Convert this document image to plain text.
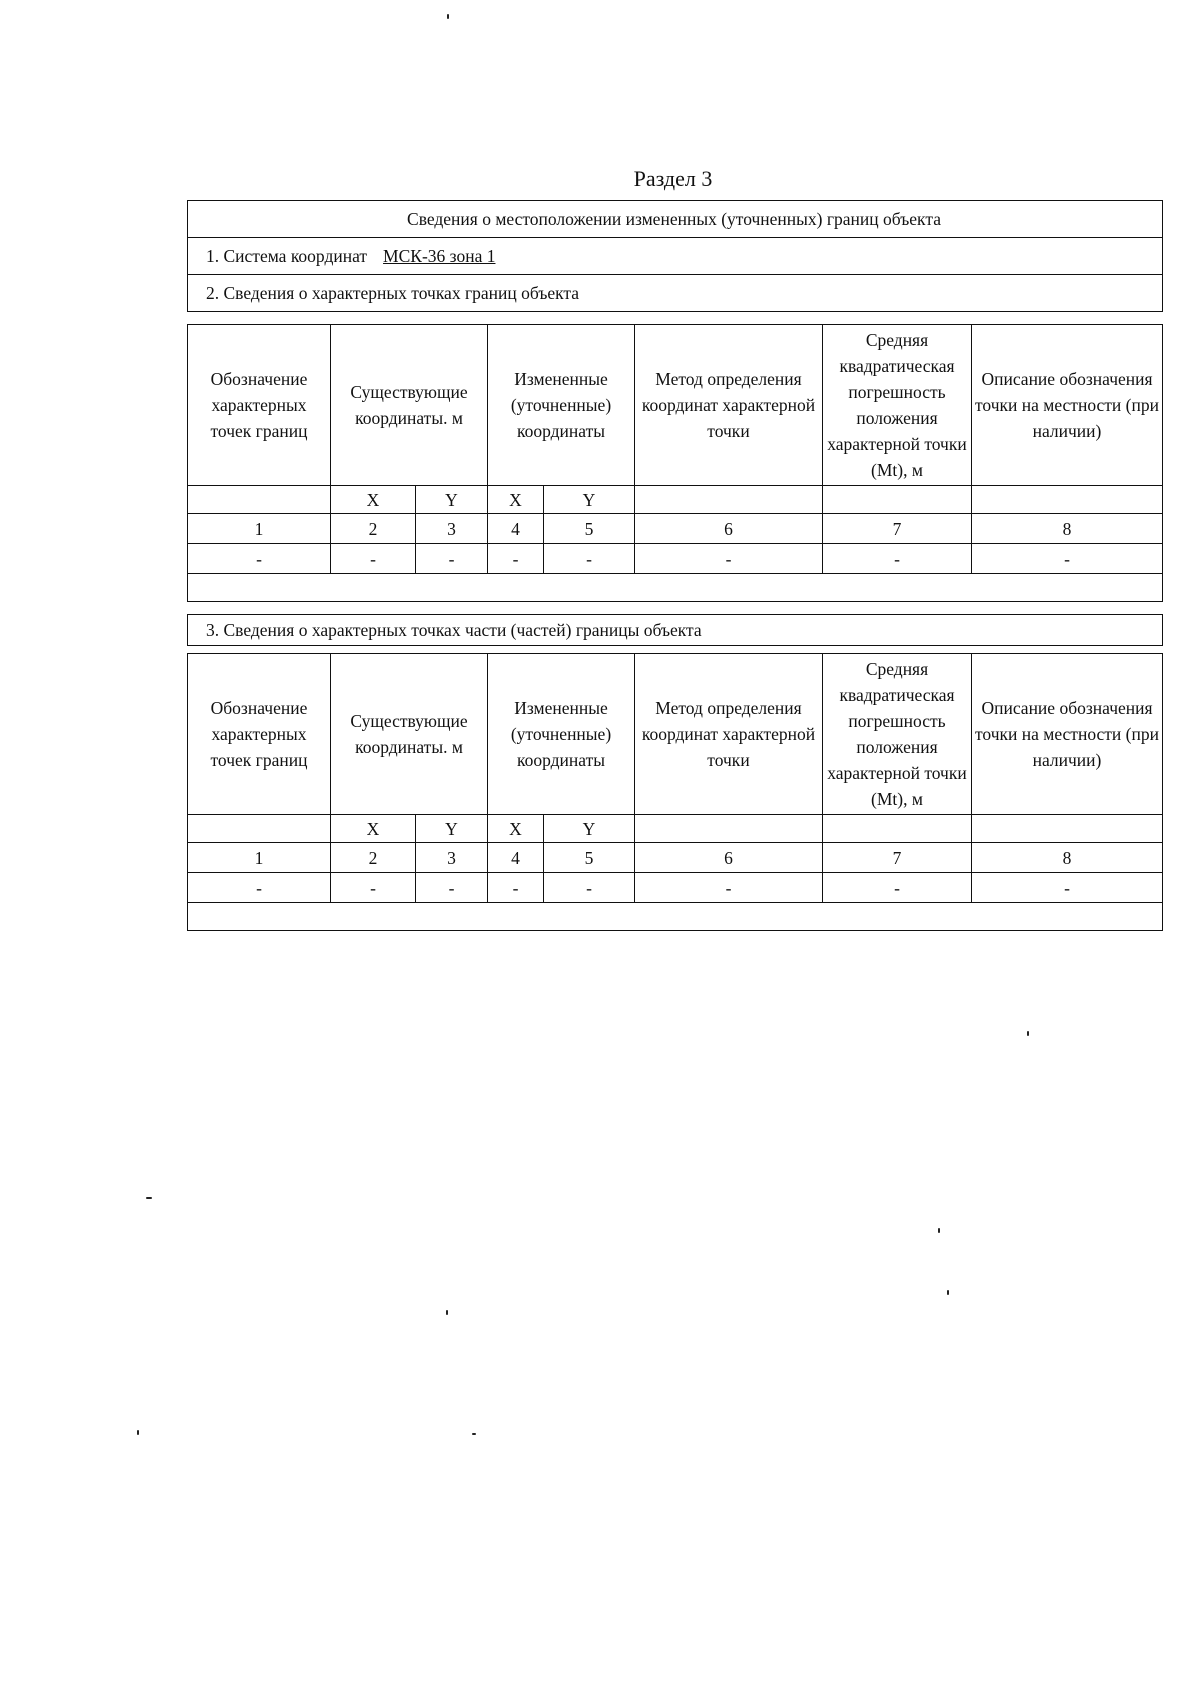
Раздел 3
Сведения о местоположении измененных (уточненных) границ объекта
1. Система координат МСК-36 зона 1
2. Сведения о характерных точках границ объекта
Обозначение характерных точек границ	Существующие координаты. м		Измененные (уточненные) координаты		Метод определения координат характерной точки	Средняя квадратическая погрешность положения характерной точки (Mt), м	Описание обозначения точки на местности (при наличии)
	X	Y	X	Y			
1	2	3	4	5	6	7	8
-	-	-	-	-	-	-	-

3. Сведения о характерных точках части (частей) границы объекта
Обозначение характерных точек границ	Существующие координаты. м		Измененные (уточненные) координаты		Метод определения координат характерной точки	Средняя квадратическая погрешность положения характерной точки (Mt), м	Описание обозначения точки на местности (при наличии)
	X	Y	X	Y			
1	2	3	4	5	6	7	8
-	-	-	-	-	-	-	-
